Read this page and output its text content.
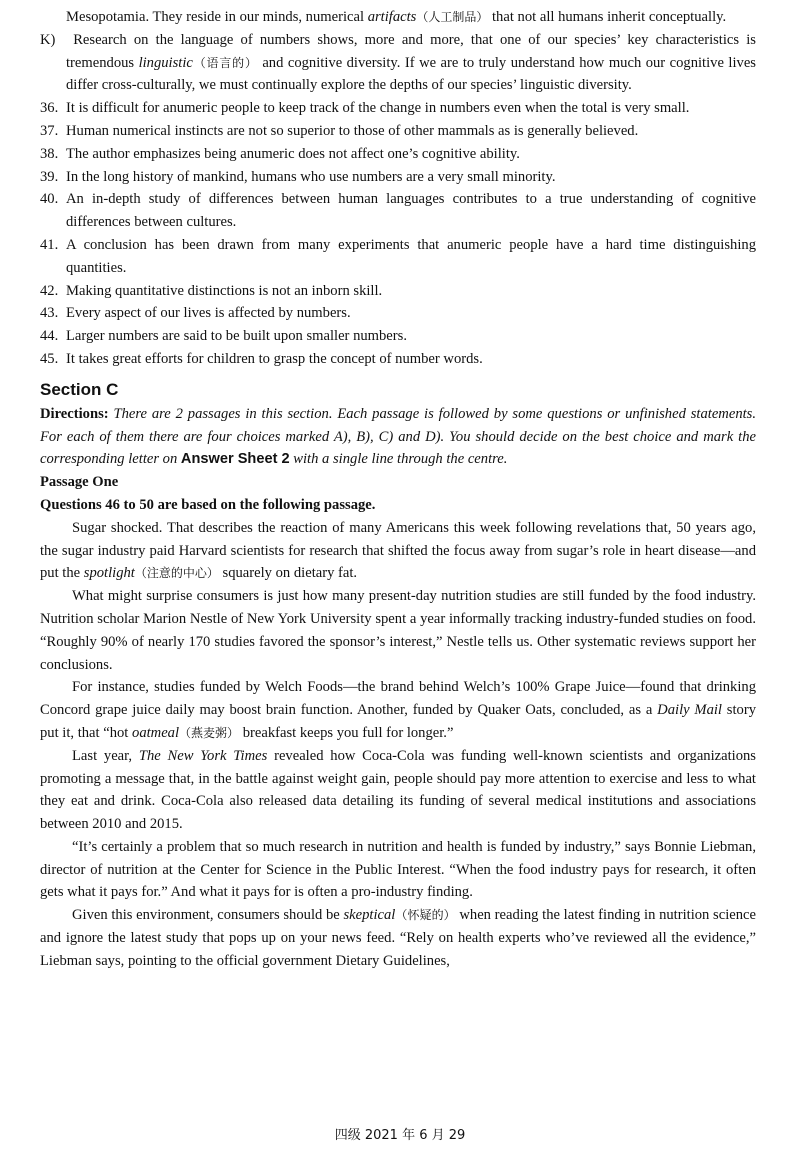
Mesopotamia. They reside in our minds, numerical artifacts（人工制品） that not all humans inherit conceptually.

K) Research on the language of numbers shows, more and more, that one of our species’ key characteristics is tremendous linguistic（语言的） and cognitive diversity. If we are to truly understand how much our cognitive lives differ cross-culturally, we must continually explore the depths of our species’ linguistic diversity.

36. It is difficult for anumeric people to keep track of the change in numbers even when the total is very small.

37. Human numerical instincts are not so superior to those of other mammals as is generally believed.

38. The author emphasizes being anumeric does not affect one’s cognitive ability.

39. In the long history of mankind, humans who use numbers are a very small minority.

40. An in-depth study of differences between human languages contributes to a true understanding of cognitive differences between cultures.

41. A conclusion has been drawn from many experiments that anumeric people have a hard time distinguishing quantities.

42. Making quantitative distinctions is not an inborn skill.

43. Every aspect of our lives is affected by numbers.

44. Larger numbers are said to be built upon smaller numbers.

45. It takes great efforts for children to grasp the concept of number words.

Section C

Directions: There are 2 passages in this section. Each passage is followed by some questions or unfinished statements. For each of them there are four choices marked A), B), C) and D). You should decide on the best choice and mark the corresponding letter on Answer Sheet 2 with a single line through the centre.

Passage One

Questions 46 to 50 are based on the following passage.

Sugar shocked. That describes the reaction of many Americans this week following revelations that, 50 years ago, the sugar industry paid Harvard scientists for research that shifted the focus away from sugar’s role in heart disease—and put the spotlight（注意的中心） squarely on dietary fat.

What might surprise consumers is just how many present-day nutrition studies are still funded by the food industry. Nutrition scholar Marion Nestle of New York University spent a year informally tracking industry-funded studies on food. “Roughly 90% of nearly 170 studies favored the sponsor’s interest,” Nestle tells us. Other systematic reviews support her conclusions.

For instance, studies funded by Welch Foods—the brand behind Welch’s 100% Grape Juice—found that drinking Concord grape juice daily may boost brain function. Another, funded by Quaker Oats, concluded, as a Daily Mail story put it, that “hot oatmeal（燕麦粥） breakfast keeps you full for longer.”

Last year, The New York Times revealed how Coca-Cola was funding well-known scientists and organizations promoting a message that, in the battle against weight gain, people should pay more attention to exercise and less to what they eat and drink. Coca-Cola also released data detailing its funding of several medical institutions and associations between 2010 and 2015.

“It’s certainly a problem that so much research in nutrition and health is funded by industry,” says Bonnie Liebman, director of nutrition at the Center for Science in the Public Interest. “When the food industry pays for research, it often gets what it pays for.” And what it pays for is often a pro-industry finding.

Given this environment, consumers should be skeptical（怀疑的） when reading the latest finding in nutrition science and ignore the latest study that pops up on your news feed. “Rely on health experts who’ve reviewed all the evidence,” Liebman says, pointing to the official government Dietary Guidelines,

四级 2021 年 6 月 29
